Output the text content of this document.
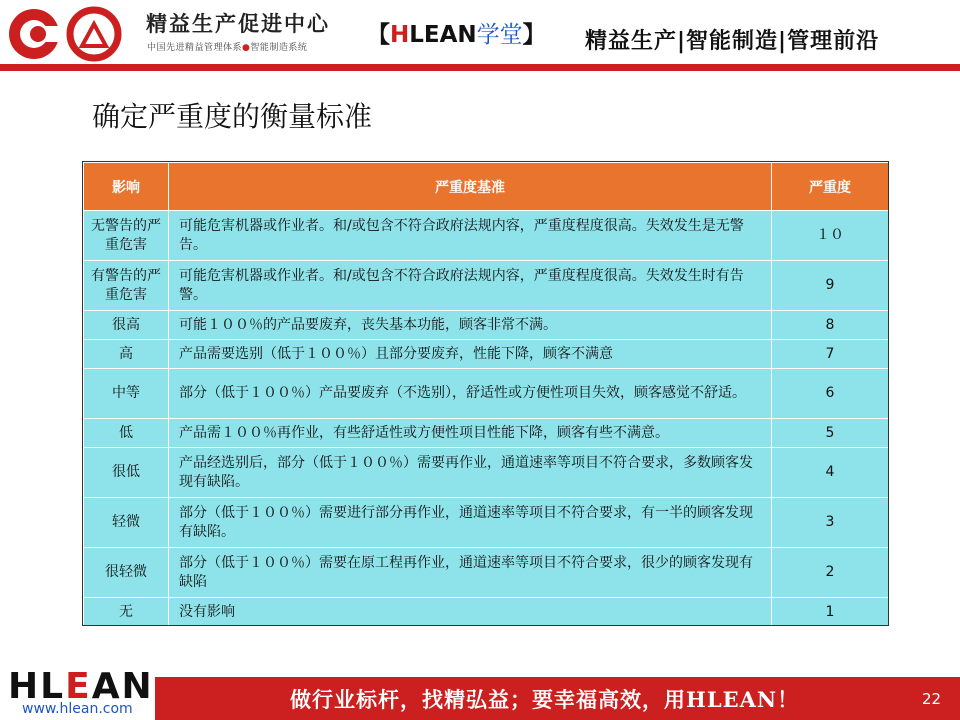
精益生产促进中心
中国先进精益管理体系●智能制造系统	【HLEAN学堂】 精益生产|智能制造|管理前沿
确定严重度的衡量标准
影响	严重度基准	严重度
无警告的严重危害	可能危害机器或作业者。和/或包含不符合政府法规内容，严重度程度很高。失效发生是无警告。	１０
有警告的严重危害	可能危害机器或作业者。和/或包含不符合政府法规内容，严重度程度很高。失效发生时有告警。	9
很高	可能１００％的产品要废弃，丧失基本功能，顾客非常不满。	8
高	产品需要选别（低于１００％）且部分要废弃，性能下降，顾客不满意	7
中等	部分（低于１００％）产品要废弃（不选别），舒适性或方便性项目失效，顾客感觉不舒适。	6
低	产品需１００％再作业，有些舒适性或方便性项目性能下降，顾客有些不满意。	5
很低	产品经选别后，部分（低于１００％）需要再作业，通道速率等项目不符合要求，多数顾客发现有缺陷。	4
轻微	部分（低于１００％）需要进行部分再作业，通道速率等项目不符合要求，有一半的顾客发现有缺陷。	3
很轻微	部分（低于１００％）需要在原工程再作业，通道速率等项目不符合要求，很少的顾客发现有缺陷	2
无	没有影响	1
HLEAN
www.hlean.com	做行业标杆，找精弘益；要幸福高效，用HLEAN！	22
